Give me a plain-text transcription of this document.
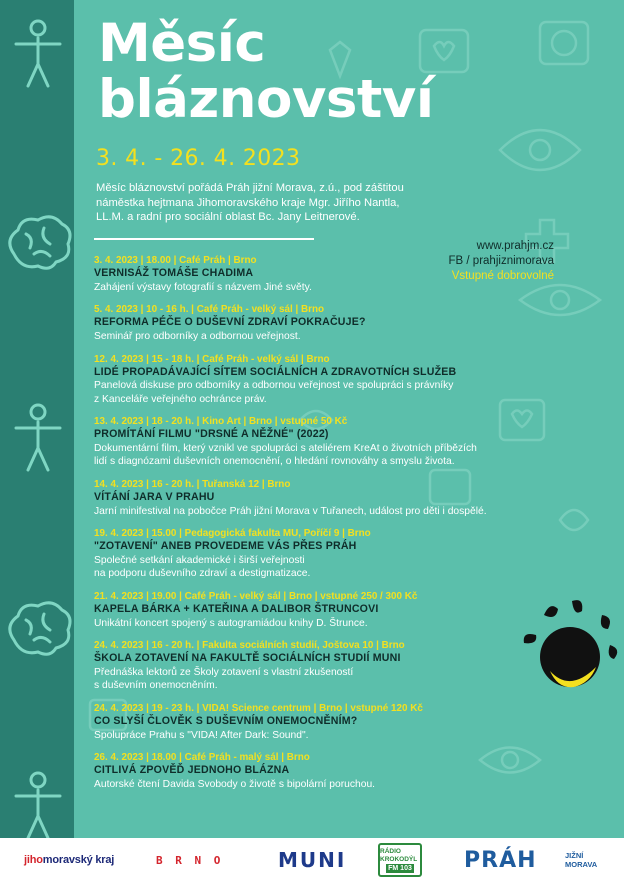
Měsíc
bláznovství
3. 4. - 26. 4. 2023
Měsíc bláznovství pořádá Práh jižní Morava, z.ú., pod záštitou náměstka hejtmana Jihomoravského kraje Mgr. Jiřího Nantla, LL.M. a radní pro sociální oblast Bc. Jany Leitnerové.
www.prahjm.cz
FB / prahjiznimorava
Vstupné dobrovolné
3. 4. 2023 | 18.00 | Café Práh | Brno
VERNISÁŽ TOMÁŠE CHADIMA
Zahájení výstavy fotografií s názvem Jiné světy.
5. 4. 2023 | 10 - 16 h. | Café Práh - velký sál | Brno
REFORMA PÉČE O DUŠEVNÍ ZDRAVÍ POKRAČUJE?
Seminář pro odborníky a odbornou veřejnost.
12. 4. 2023 | 15 - 18 h. | Café Práh - velký sál | Brno
LIDÉ PROPADÁVAJÍCÍ SÍTEM SOCIÁLNÍCH A ZDRAVOTNÍCH SLUŽEB
Panelová diskuse pro odborníky a odbornou veřejnost ve spolupráci s právníky
z Kanceláře veřejného ochránce práv.
13. 4. 2023 | 18 - 20 h. | Kino Art | Brno | vstupné 50 Kč
PROMÍTÁNÍ FILMU "DRSNÉ A NĚŽNÉ" (2022)
Dokumentární film, který vznikl ve spolupráci s ateliérem KreAt o životních příbězích
lidí s diagnózami duševních onemocnění, o hledání rovnováhy a smyslu života.
14. 4. 2023 | 16 - 20 h. | Tuřanská 12 | Brno
VÍTÁNÍ JARA V PRAHU
Jarní minifestival na pobočce Práh jižní Morava v Tuřanech, událost pro děti i dospělé.
19. 4. 2023 | 15.00 | Pedagogická fakulta MU, Poříčí 9 | Brno
"ZOTAVENÍ" ANEB PROVEDEME VÁS PŘES PRÁH
Společné setkání akademické i širší veřejnosti
na podporu duševního zdraví a destigmatizace.
21. 4. 2023 | 19.00 | Café Práh - velký sál | Brno | vstupné 250 / 300 Kč
KAPELA BÁRKA + KATEŘINA A DALIBOR ŠTRUNCOVI
Unikátní koncert spojený s autogramiádou knihy D. Štrunce.
24. 4. 2023 | 16 - 20 h. | Fakulta sociálních studií, Joštova 10 | Brno
ŠKOLA ZOTAVENÍ NA FAKULTĚ SOCIÁLNÍCH STUDIÍ MUNI
Přednáška lektorů ze Školy zotavení s vlastní zkušeností
s duševním onemocněním.
24. 4. 2023 | 19 - 23 h. | VIDA! Science centrum | Brno | vstupné 120 Kč
CO SLYŠÍ ČLOVĚK S DUŠEVNÍM ONEMOCNĚNÍM?
Spolupráce Prahu s "VIDA! After Dark: Sound".
26. 4. 2023 | 18.00 | Café Práh - malý sál | Brno
CITLIVÁ ZPOVĚĎ JEDNOHO BLÁZNA
Autorské čtení Davida Svobody o životě s bipolární poruchou.
jiho moravský kraj	B R N O	MUNI	RÁDIO KROKODÝL
FM 103 PRÁH	JIŽNÍ
MORAVA
